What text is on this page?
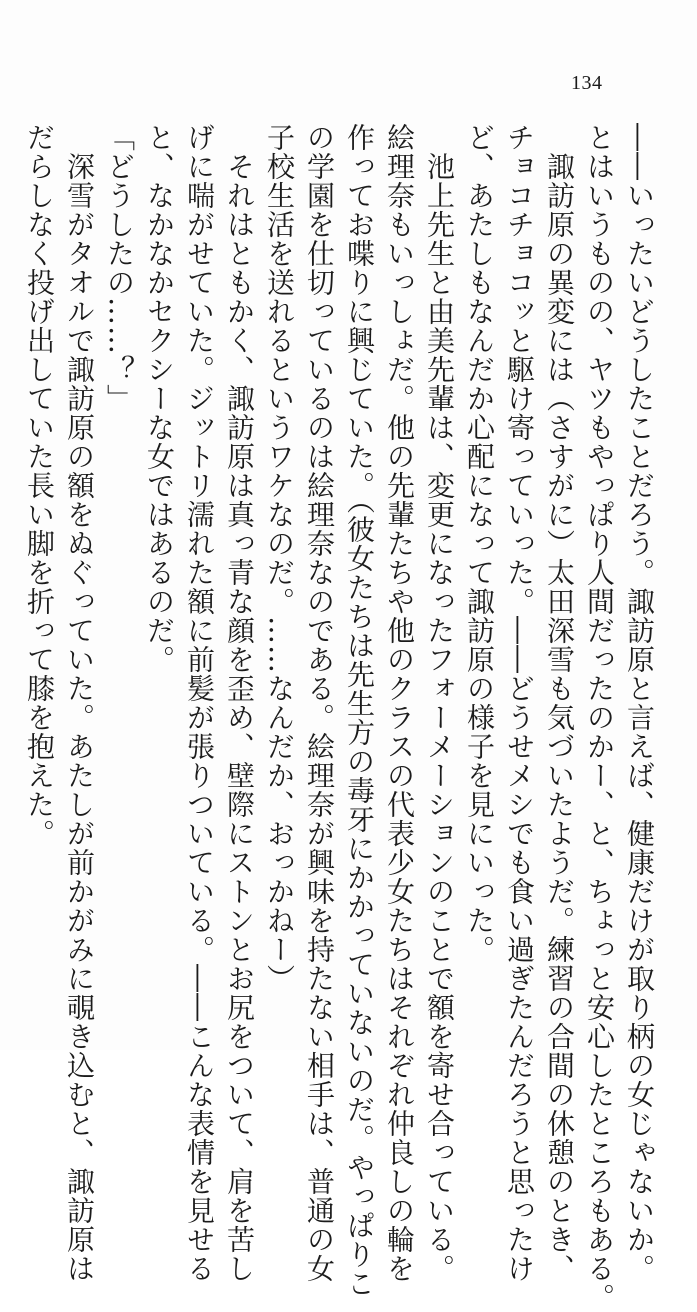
134
――いったいどうしたことだろう。諏訪原と言えば、健康だけが取り柄の女じゃないか。
とはいうものの、ヤツもやっぱり人間だったのかー、と、ちょっと安心したところもある。
　諏訪原の異変には（さすがに）太田深雪も気づいたようだ。練習の合間の休憩のとき、
チョコチョコッと駆け寄っていった。――どうせメシでも食い過ぎたんだろうと思ったけ
ど、あたしもなんだか心配になって諏訪原の様子を見にいった。
　池上先生と由美先輩は、変更になったフォーメーションのことで額を寄せ合っている。
絵理奈もいっしょだ。他の先輩たちや他のクラスの代表少女たちはそれぞれ仲良しの輪を
作ってお喋りに興じていた。（彼女たちは先生方の毒牙にかかっていないのだ。やっぱりこ
の学園を仕切っているのは絵理奈なのである。絵理奈が興味を持たない相手は、普通の女
子校生活を送れるというワケなのだ。……なんだか、おっかねー）
　それはともかく、諏訪原は真っ青な顔を歪め、壁際にストンとお尻をついて、肩を苦し
げに喘がせていた。ジットリ濡れた額に前髪が張りついている。――こんな表情を見せる
と、なかなかセクシーな女ではあるのだ。
「どうしたの……？」
　深雪がタオルで諏訪原の額をぬぐっていた。あたしが前かがみに覗き込むと、諏訪原は
だらしなく投げ出していた長い脚を折って膝を抱えた。
